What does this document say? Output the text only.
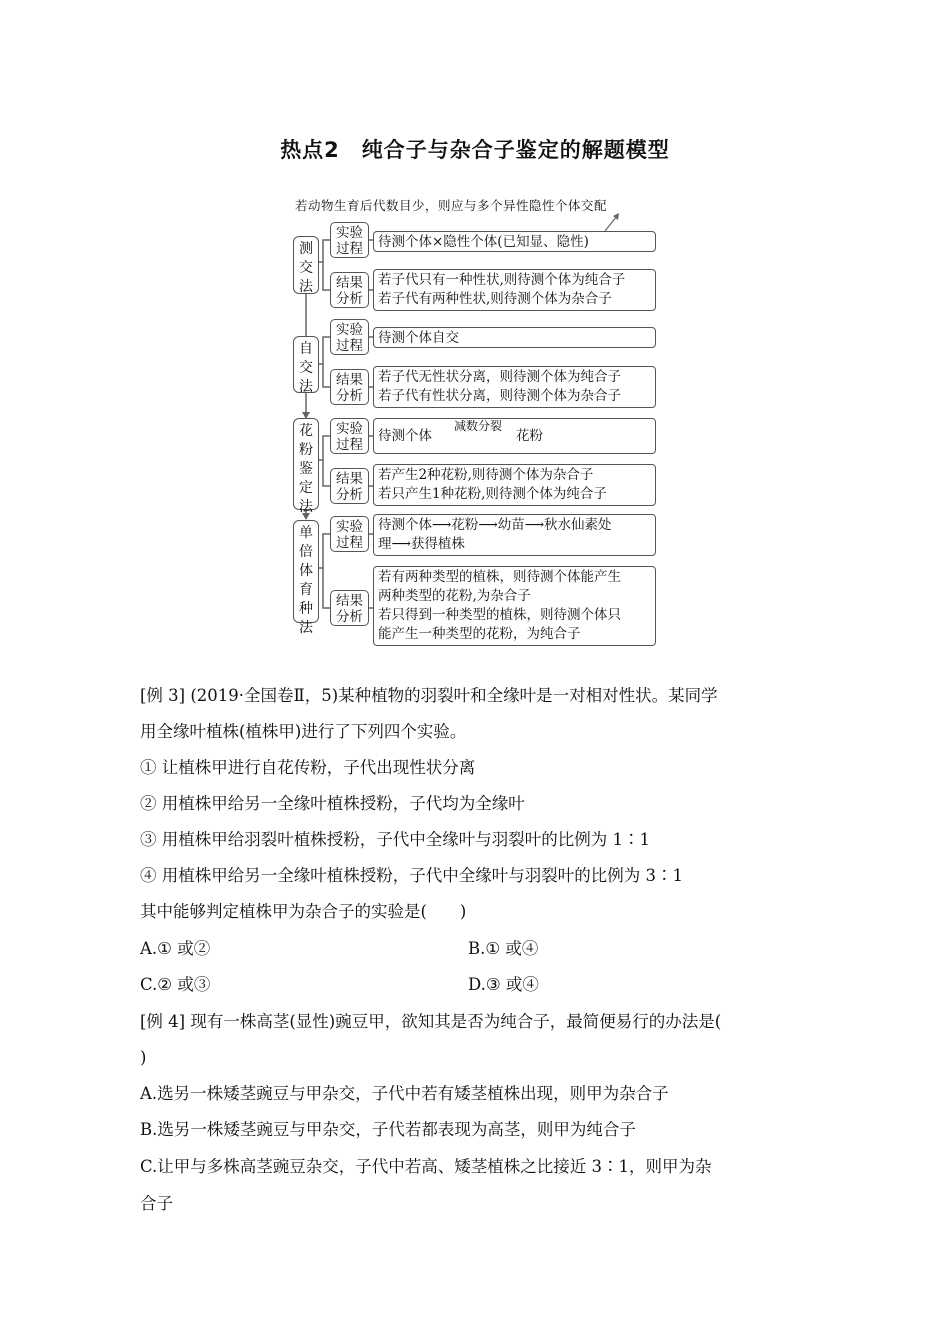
热点2　纯合子与杂合子鉴定的解题模型
若动物生育后代数目少，则应与多个异性隐性个体交配
测交法
实验过程	待测个体×隐性个体(已知显、隐性)
结果分析
若子代只有一种性状,则待测个体为纯合子
若子代有两种性状,则待测个体为杂合子
自交法
实验过程	待测个体自交
结果分析
若子代无性状分离，则待测个体为纯合子
若子代有性状分离，则待测个体为杂合子
花粉鉴定法
实验过程
待测个体
减数分裂
花粉
结果分析
若产生2种花粉,则待测个体为杂合子
若只产生1种花粉,则待测个体为纯合子
单倍体育种法
实验过程
待测个体⟶花粉⟶幼苗⟶秋水仙素处
理⟶获得植株
结果分析
若有两种类型的植株，则待测个体能产生
两种类型的花粉,为杂合子
若只得到一种类型的植株，则待测个体只
能产生一种类型的花粉，为纯合子
[例 3] (2019·全国卷Ⅱ，5)某种植物的羽裂叶和全缘叶是一对相对性状。某同学
用全缘叶植株(植株甲)进行了下列四个实验。
① 让植株甲进行自花传粉，子代出现性状分离
② 用植株甲给另一全缘叶植株授粉，子代均为全缘叶
③ 用植株甲给羽裂叶植株授粉，子代中全缘叶与羽裂叶的比例为 1∶1
④ 用植株甲给另一全缘叶植株授粉，子代中全缘叶与羽裂叶的比例为 3∶1
其中能够判定植株甲为杂合子的实验是(　　)
A.① 或②	B.① 或④
C.② 或③	D.③ 或④
[例 4] 现有一株高茎(显性)豌豆甲，欲知其是否为纯合子，最简便易行的办法是(
)
A.选另一株矮茎豌豆与甲杂交，子代中若有矮茎植株出现，则甲为杂合子
B.选另一株矮茎豌豆与甲杂交，子代若都表现为高茎，则甲为纯合子
C.让甲与多株高茎豌豆杂交，子代中若高、矮茎植株之比接近 3∶1，则甲为杂
合子
